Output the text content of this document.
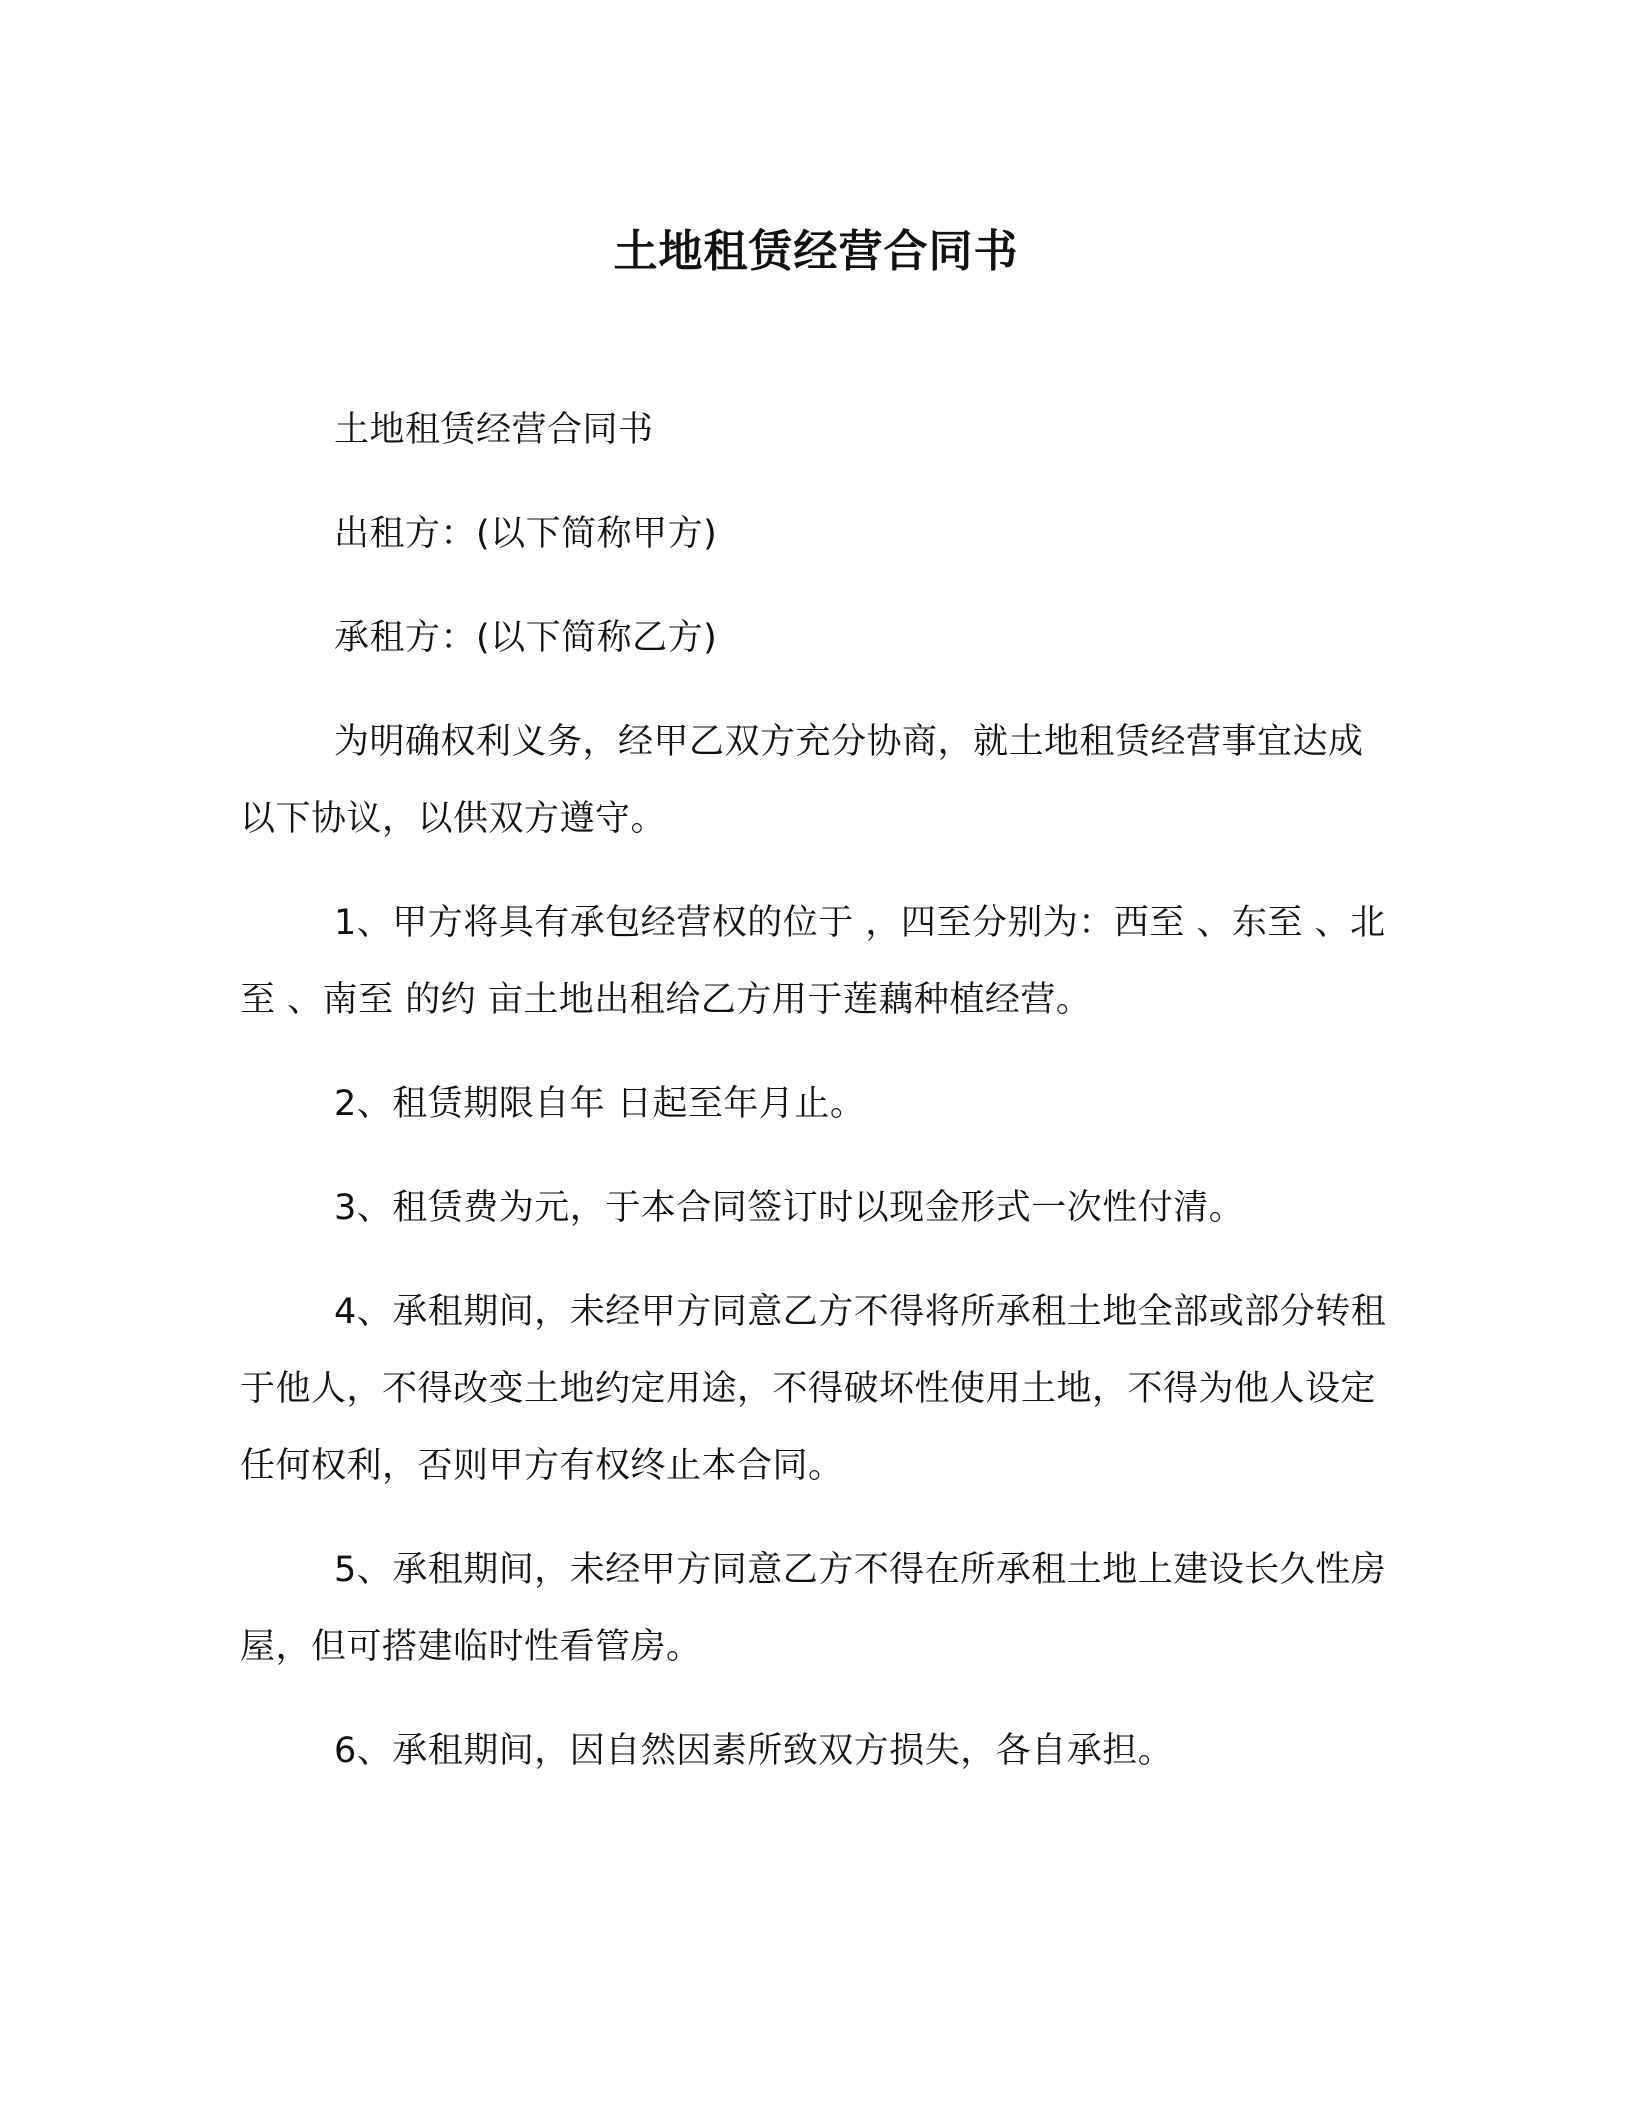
土地租赁经营合同书

土地租赁经营合同书

出租方：(以下简称甲方)

承租方：(以下简称乙方)

为明确权利义务，经甲乙双方充分协商，就土地租赁经营事宜达成以下协议，以供双方遵守。

1、甲方将具有承包经营权的位于 ，四至分别为：西至 、东至 、北至 、南至 的约 亩土地出租给乙方用于莲藕种植经营。

2、租赁期限自年 日起至年月止。

3、租赁费为元，于本合同签订时以现金形式一次性付清。

4、承租期间，未经甲方同意乙方不得将所承租土地全部或部分转租于他人，不得改变土地约定用途，不得破坏性使用土地，不得为他人设定任何权利，否则甲方有权终止本合同。

5、承租期间，未经甲方同意乙方不得在所承租土地上建设长久性房屋，但可搭建临时性看管房。

6、承租期间，因自然因素所致双方损失，各自承担。
